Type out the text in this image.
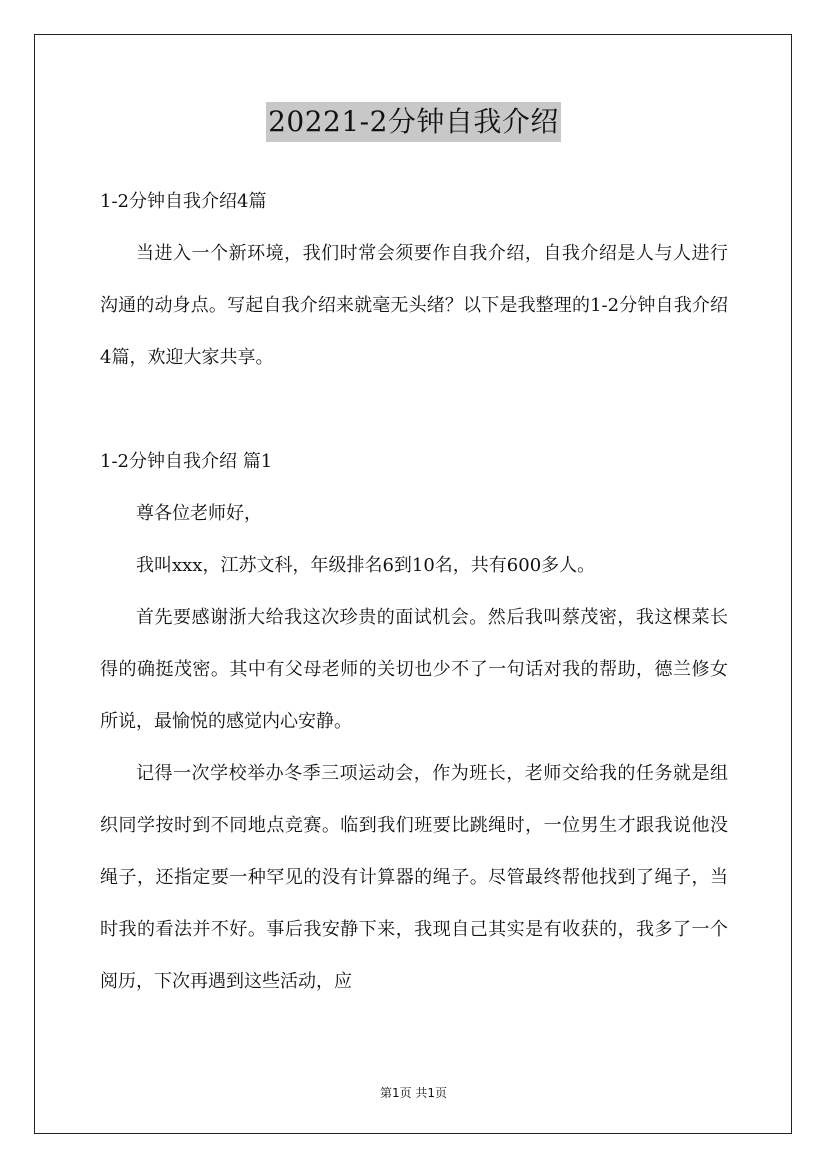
20221-2分钟自我介绍

1-2分钟自我介绍4篇

当进入一个新环境，我们时常会须要作自我介绍，自我介绍是人与人进行沟通的动身点。写起自我介绍来就毫无头绪？以下是我整理的1-2分钟自我介绍4篇，欢迎大家共享。

1-2分钟自我介绍 篇1

尊各位老师好，

我叫xxx，江苏文科，年级排名6到10名，共有600多人。

首先要感谢浙大给我这次珍贵的面试机会。然后我叫蔡茂密，我这棵菜长得的确挺茂密。其中有父母老师的关切也少不了一句话对我的帮助，德兰修女所说，最愉悦的感觉内心安静。

记得一次学校举办冬季三项运动会，作为班长，老师交给我的任务就是组织同学按时到不同地点竞赛。临到我们班要比跳绳时，一位男生才跟我说他没绳子，还指定要一种罕见的没有计算器的绳子。尽管最终帮他找到了绳子，当时我的看法并不好。事后我安静下来，我现自己其实是有收获的，我多了一个阅历，下次再遇到这些活动，应

第1页 共1页
